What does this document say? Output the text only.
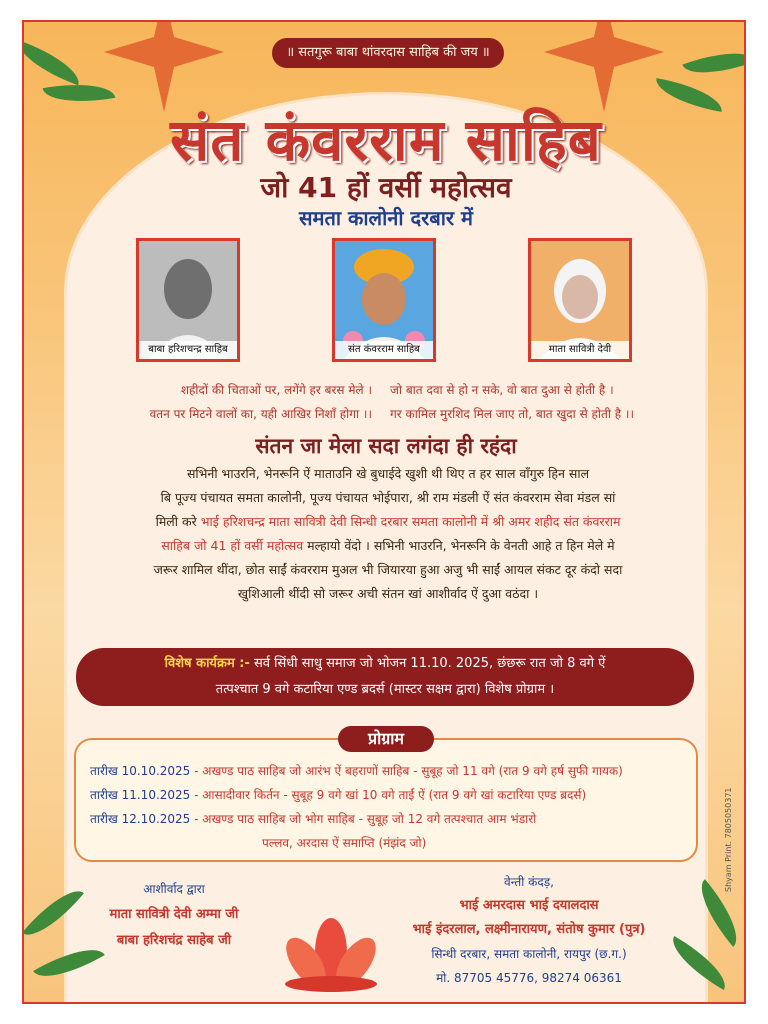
॥ सतगुरू बाबा थांवरदास साहिब की जय ॥
संत कंवरराम साहिब
जो 41 हों वर्सी महोत्सव
समता कालोनी दरबार में
बाबा हरिशचन्द्र साहिब	संत कंवरराम साहिब	माता सावित्री देवी
शहीदों की चिताओं पर, लगेंगे हर बरस मेले ।
वतन पर मिटने वालों का, यही आखिर निशाँ होगा ।।
जो बात दवा से हो न सके, वो बात दुआ से होती है ।
गर कामिल मुरशिद मिल जाए तो, बात खुदा से होती है ।।
संतन जा मेला सदा लगंदा ही रहंदा
सभिनी भाउरनि, भेनरूनि ऐं माताउनि खे बुधाईदे खुशी थी थिए त हर साल वाँगुरु हिन साल
बि पूज्य पंचायत समता कालोनी, पूज्य पंचायत भोईपारा, श्री राम मंडली ऐं संत कंवरराम सेवा मंडल सां
मिली करे भाई हरिशचन्द्र माता सावित्री देवी सिन्धी दरबार समता कालोनी में श्री अमर शहीद संत कंवरराम
साहिब जो 41 हों वर्सी महोत्सव मल्हायो वेंदो । सभिनी भाउरनि, भेनरूनि के वेनती आहे त हिन मेले मे
जरूर शामिल थींदा, छोत साईं कंवरराम मुअल भी जियारया हुआ अजु भी साईं आयल संकट दूर कंदो सदा
खुशिआली थींदी सो जरूर अची संतन खां आशीर्वाद ऐं दुआ वठंदा ।
विशेष कार्यक्रम :- सर्व सिंधी साधु समाज जो भोजन 11.10. 2025, छंछरू रात जो 8 वगे ऐं
तत्पश्चात 9 वगे कटारिया एण्ड ब्रदर्स (मास्टर सक्षम द्वारा) विशेष प्रोग्राम ।
तारीख 10.10.2025 - अखण्ड पाठ साहिब जो आरंभ ऐं बहराणों साहिब - सुबूह जो 11 वगे (रात 9 वगे हर्ष सुफी गायक)
तारीख 11.10.2025 - आसादीवार किर्तन - सुबूह 9 वगे खां 10 वगे ताईं ऐं (रात 9 वगे खां कटारिया एण्ड ब्रदर्स)
तारीख 12.10.2025 - अखण्ड पाठ साहिब जो भोग साहिब - सुबूह जो 12 वगे तत्पश्चात आम भंडारो
पल्लव, अरदास ऐं समाप्ति (मंझंद जो)
प्रोग्राम
आशीर्वाद द्वारा
माता सावित्री देवी अम्मा जी
बाबा हरिशचंद्र साहेब जी
वेन्ती कंदड़,
भाई अमरदास भाई दयालदास
भाई इंदरलाल, लक्ष्मीनारायण, संतोष कुमार (पुत्र)
सिन्धी दरबार, समता कालोनी, रायपुर (छ.ग.)
मो. 87705 45776, 98274 06361
Shyam Print. 7805050371
